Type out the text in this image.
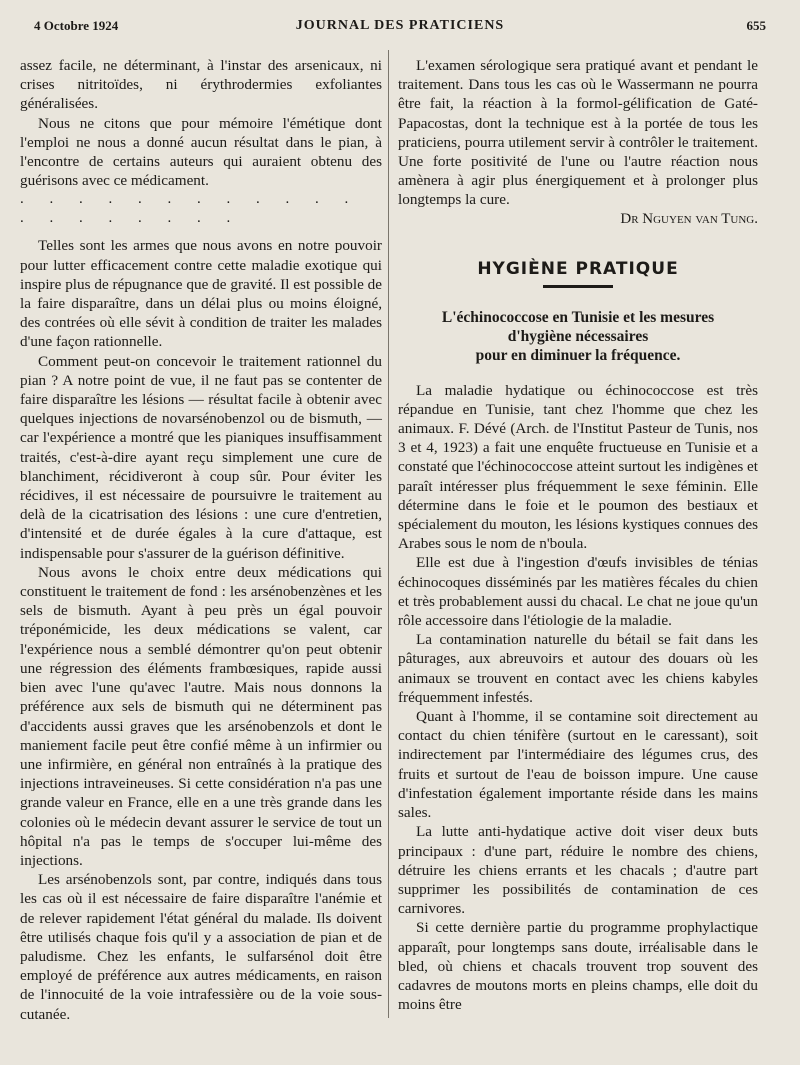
4 Octobre 1924	JOURNAL DES PRATICIENS	655

assez facile, ne déterminant, à l'instar des arsenicaux, ni crises nitritoïdes, ni érythrodermies exfoliantes généralisées.

Nous ne citons que pour mémoire l'émétique dont l'emploi ne nous a donné aucun résultat dans le pian, à l'encontre de certains auteurs qui auraient obtenu des guérisons avec ce médicament.

. . . . . . . . . . . . . . . . . . . .

Telles sont les armes que nous avons en notre pouvoir pour lutter efficacement contre cette maladie exotique qui inspire plus de répugnance que de gravité. Il est possible de la faire disparaître, dans un délai plus ou moins éloigné, des contrées où elle sévit à condition de traiter les malades d'une façon rationnelle.

Comment peut-on concevoir le traitement rationnel du pian ? A notre point de vue, il ne faut pas se contenter de faire disparaître les lésions — résultat facile à obtenir avec quelques injections de novarsénobenzol ou de bismuth, — car l'expérience a montré que les pianiques insuffisamment traités, c'est-à-dire ayant reçu simplement une cure de blanchiment, récidiveront à coup sûr. Pour éviter les récidives, il est nécessaire de poursuivre le traitement au delà de la cicatrisation des lésions : une cure d'entretien, d'intensité et de durée égales à la cure d'attaque, est indispensable pour s'assurer de la guérison définitive.

Nous avons le choix entre deux médications qui constituent le traitement de fond : les arsénobenzènes et les sels de bismuth. Ayant à peu près un égal pouvoir tréponémicide, les deux médications se valent, car l'expérience nous a semblé démontrer qu'on peut obtenir une régression des éléments frambœsiques, rapide aussi bien avec l'une qu'avec l'autre. Mais nous donnons la préférence aux sels de bismuth qui ne déterminent pas d'accidents aussi graves que les arsénobenzols et dont le maniement facile peut être confié même à un infirmier ou une infirmière, en général non entraînés à la pratique des injections intraveineuses. Si cette considération n'a pas une grande valeur en France, elle en a une très grande dans les colonies où le médecin devant assurer le service de tout un hôpital n'a pas le temps de s'occuper lui-même des injections.

Les arsénobenzols sont, par contre, indiqués dans tous les cas où il est nécessaire de faire disparaître l'anémie et de relever rapidement l'état général du malade. Ils doivent être utilisés chaque fois qu'il y a association de pian et de paludisme. Chez les enfants, le sulfarsénol doit être employé de préférence aux autres médicaments, en raison de l'innocuité de la voie intrafessière ou de la voie sous-cutanée.

L'examen sérologique sera pratiqué avant et pendant le traitement. Dans tous les cas où le Wassermann ne pourra être fait, la réaction à la formol-gélification de Gaté-Papacostas, dont la technique est à la portée de tous les praticiens, pourra utilement servir à contrôler le traitement. Une forte positivité de l'une ou l'autre réaction nous amènera à agir plus énergiquement et à prolonger plus longtemps la cure.

Dr Nguyen van Tung.

HYGIÈNE PRATIQUE

L'échinococcose en Tunisie et les mesures
d'hygiène nécessaires
pour en diminuer la fréquence.

La maladie hydatique ou échinococcose est très répandue en Tunisie, tant chez l'homme que chez les animaux. F. Dévé (Arch. de l'Institut Pasteur de Tunis, nos 3 et 4, 1923) a fait une enquête fructueuse en Tunisie et a constaté que l'échinococcose atteint surtout les indigènes et paraît intéresser plus fréquemment le sexe féminin. Elle détermine dans le foie et le poumon des bestiaux et spécialement du mouton, les lésions kystiques connues des Arabes sous le nom de n'boula.

Elle est due à l'ingestion d'œufs invisibles de ténias échinocoques disséminés par les matières fécales du chien et très probablement aussi du chacal. Le chat ne joue qu'un rôle accessoire dans l'étiologie de la maladie.

La contamination naturelle du bétail se fait dans les pâturages, aux abreuvoirs et autour des douars où les animaux se trouvent en contact avec les chiens kabyles fréquemment infestés.

Quant à l'homme, il se contamine soit directement au contact du chien ténifère (surtout en le caressant), soit indirectement par l'intermédiaire des légumes crus, des fruits et surtout de l'eau de boisson impure. Une cause d'infestation également importante réside dans les mains sales.

La lutte anti-hydatique active doit viser deux buts principaux : d'une part, réduire le nombre des chiens, détruire les chiens errants et les chacals ; d'autre part supprimer les possibilités de contamination de ces carnivores.

Si cette dernière partie du programme prophylactique apparaît, pour longtemps sans doute, irréalisable dans le bled, où chiens et chacals trouvent trop souvent des cadavres de moutons morts en pleins champs, elle doit du moins être
